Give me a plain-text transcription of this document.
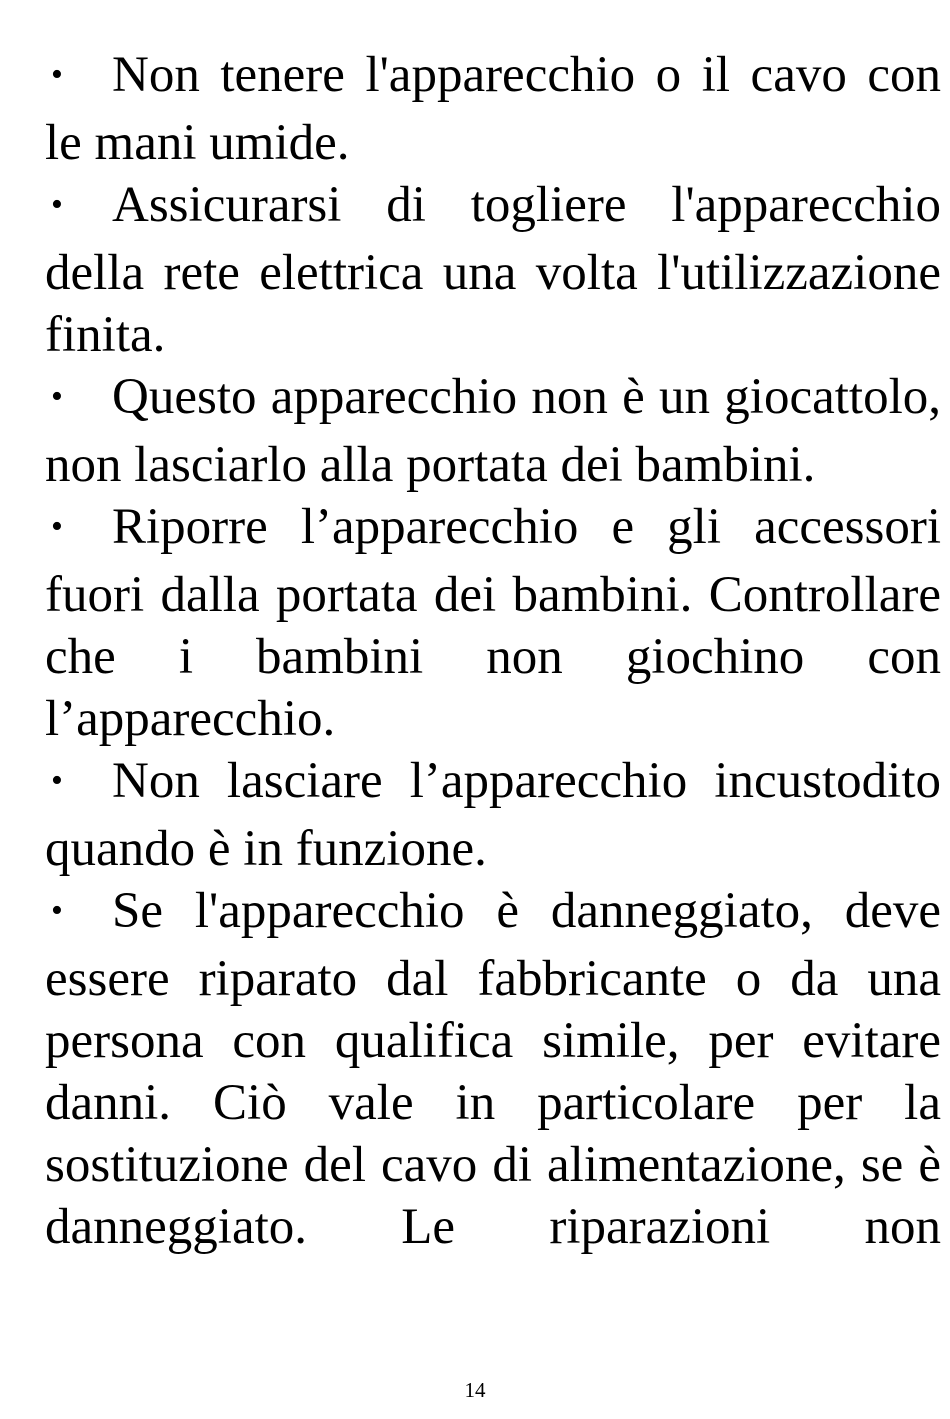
• Non tenere l'apparecchio o il cavo con le mani umide.

• Assicurarsi di togliere l'apparecchio della rete elettrica una volta l'utilizzazione finita.

• Questo apparecchio non è un giocattolo, non lasciarlo alla portata dei bambini.

• Riporre l’apparecchio e gli accessori fuori dalla portata dei bambini. Controllare che i bambini non giochino con l’apparecchio.

• Non lasciare l’apparecchio incustodito quando è in funzione.

• Se l'apparecchio è danneggiato, deve essere riparato dal fabbricante o da una persona con qualifica simile, per evitare danni. Ciò vale in particolare per la sostituzione del cavo di alimentazione, se è danneggiato. Le riparazioni non

14
